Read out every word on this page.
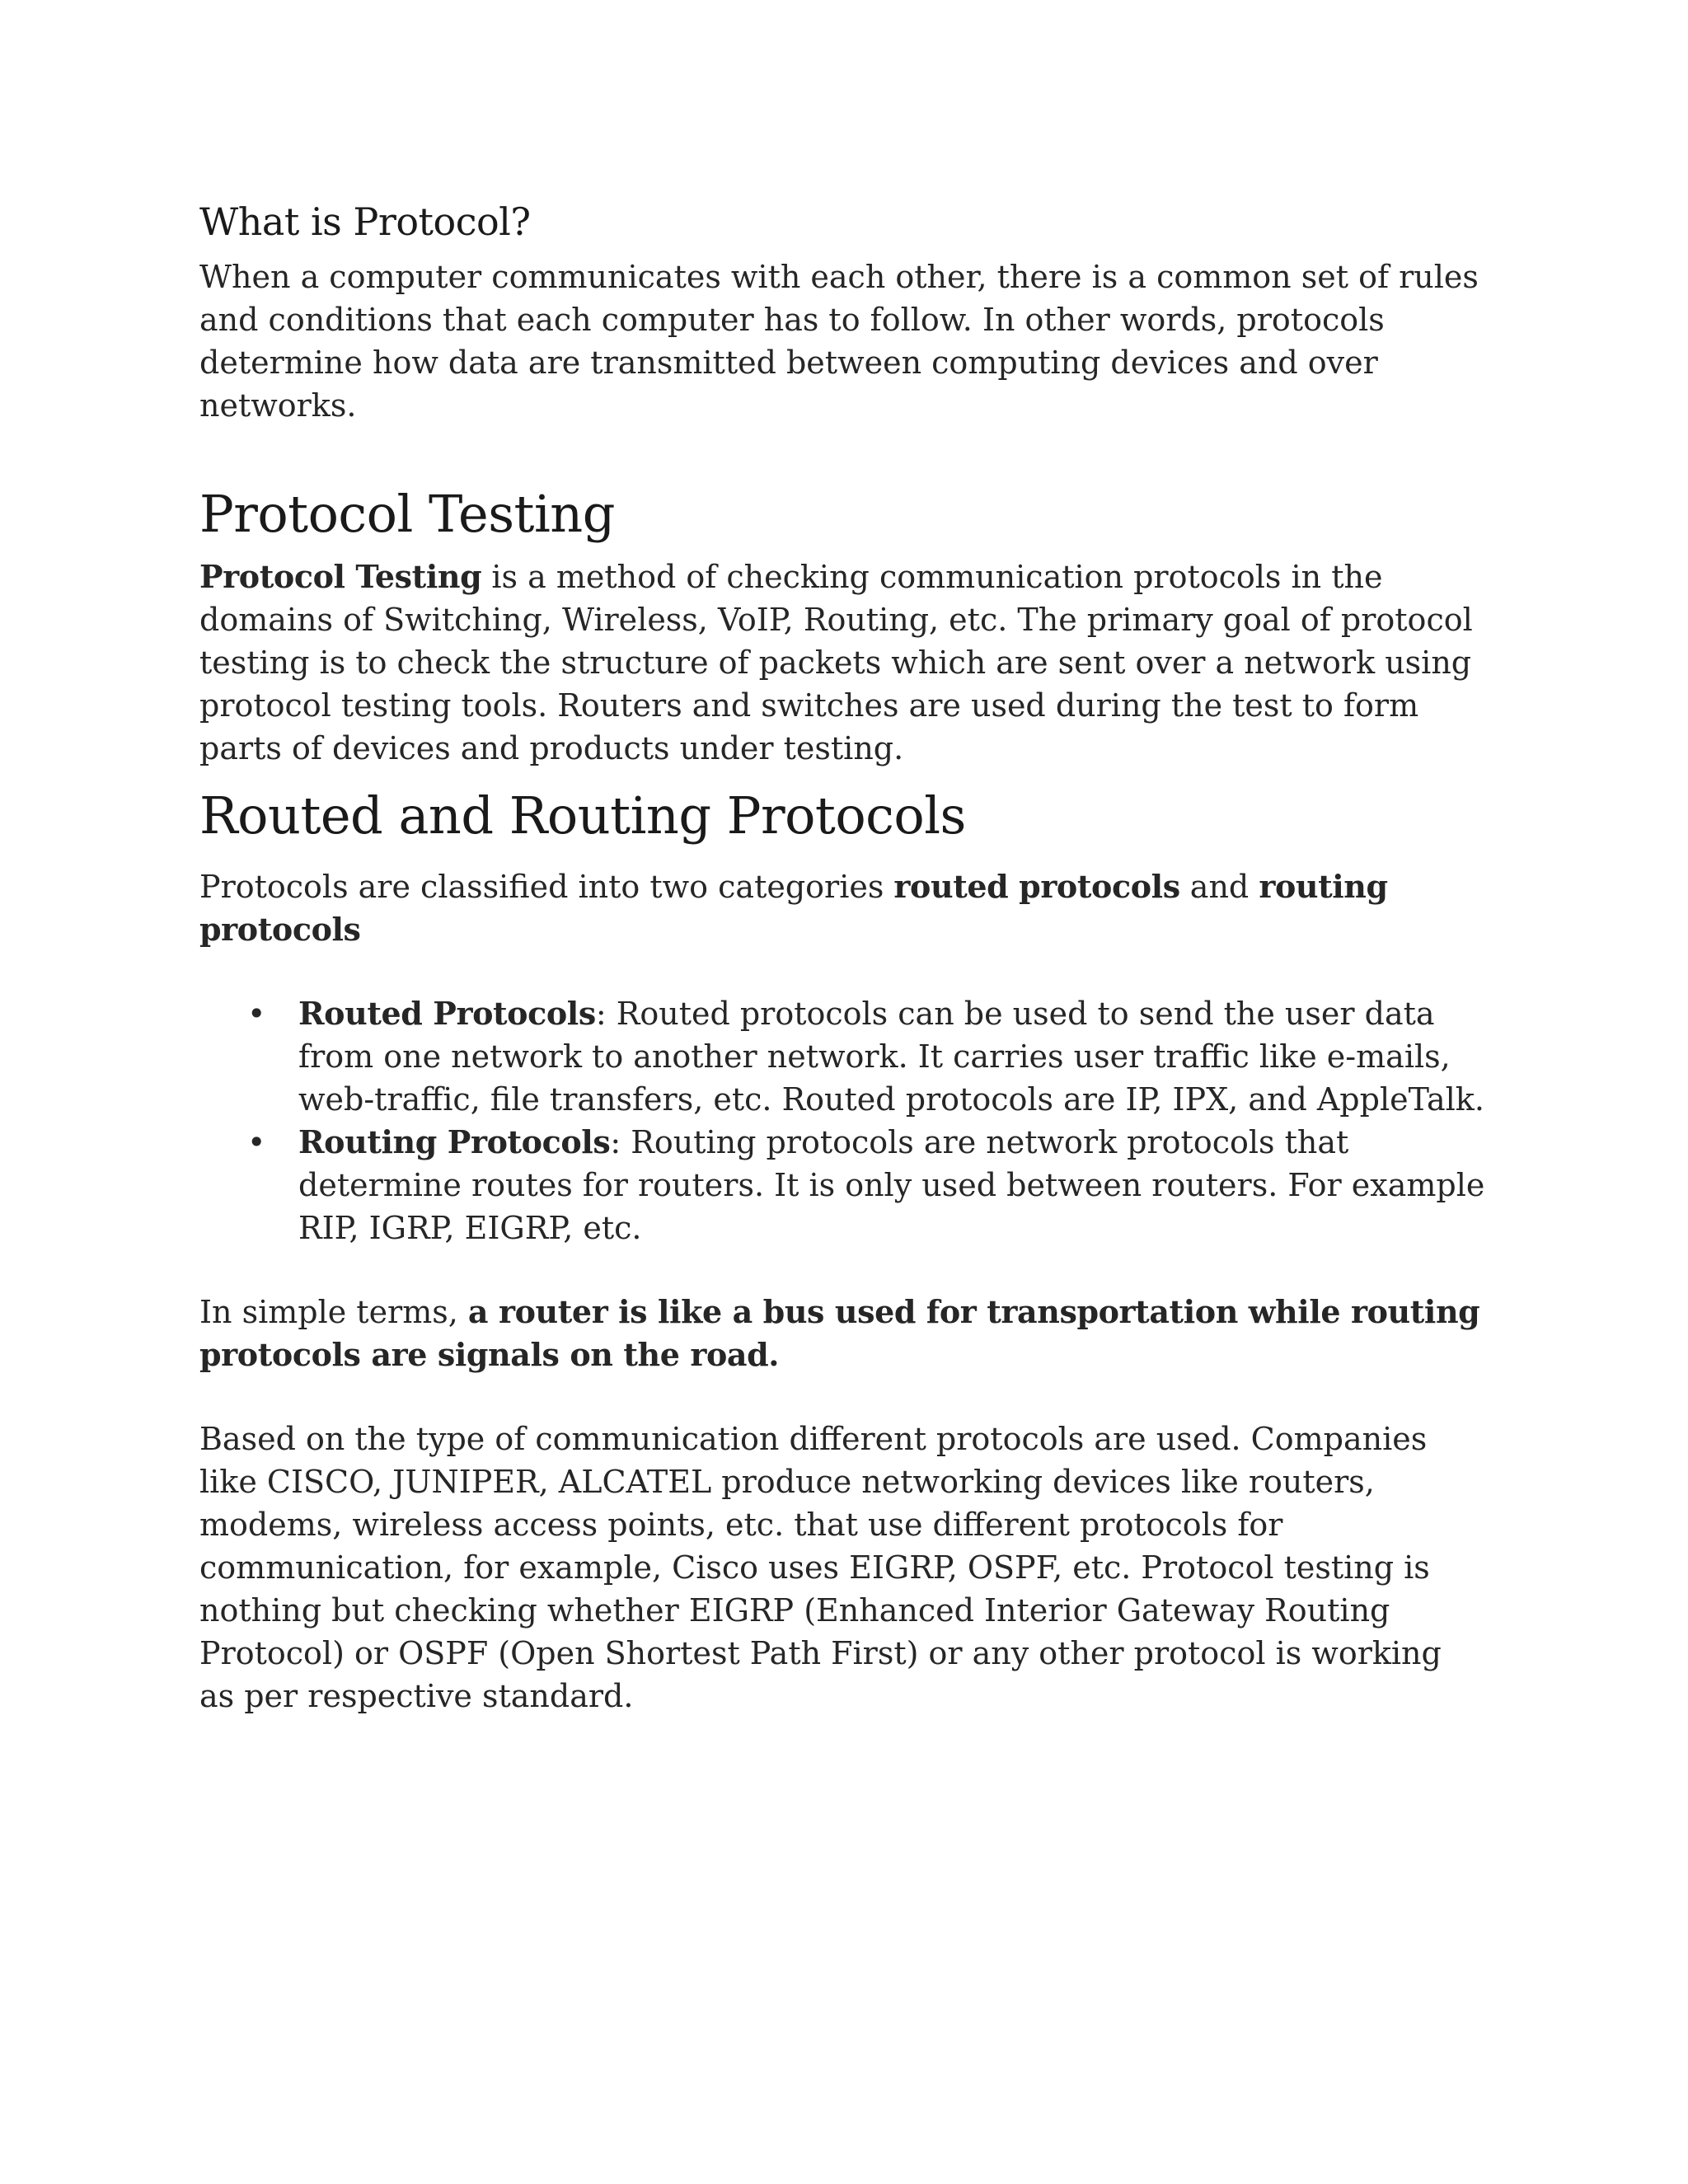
What is Protocol?

When a computer communicates with each other, there is a common set of rules and conditions that each computer has to follow. In other words, protocols determine how data are transmitted between computing devices and over networks.

Protocol Testing

Protocol Testing is a method of checking communication protocols in the domains of Switching, Wireless, VoIP, Routing, etc. The primary goal of protocol testing is to check the structure of packets which are sent over a network using protocol testing tools. Routers and switches are used during the test to form parts of devices and products under testing.

Routed and Routing Protocols

Protocols are classified into two categories routed protocols and routing protocols

• Routed Protocols: Routed protocols can be used to send the user data from one network to another network. It carries user traffic like e-mails, web-traffic, file transfers, etc. Routed protocols are IP, IPX, and AppleTalk.
• Routing Protocols: Routing protocols are network protocols that determine routes for routers. It is only used between routers. For example RIP, IGRP, EIGRP, etc.

In simple terms, a router is like a bus used for transportation while routing protocols are signals on the road.

Based on the type of communication different protocols are used. Companies like CISCO, JUNIPER, ALCATEL produce networking devices like routers, modems, wireless access points, etc. that use different protocols for communication, for example, Cisco uses EIGRP, OSPF, etc. Protocol testing is nothing but checking whether EIGRP (Enhanced Interior Gateway Routing Protocol) or OSPF (Open Shortest Path First) or any other protocol is working as per respective standard.
